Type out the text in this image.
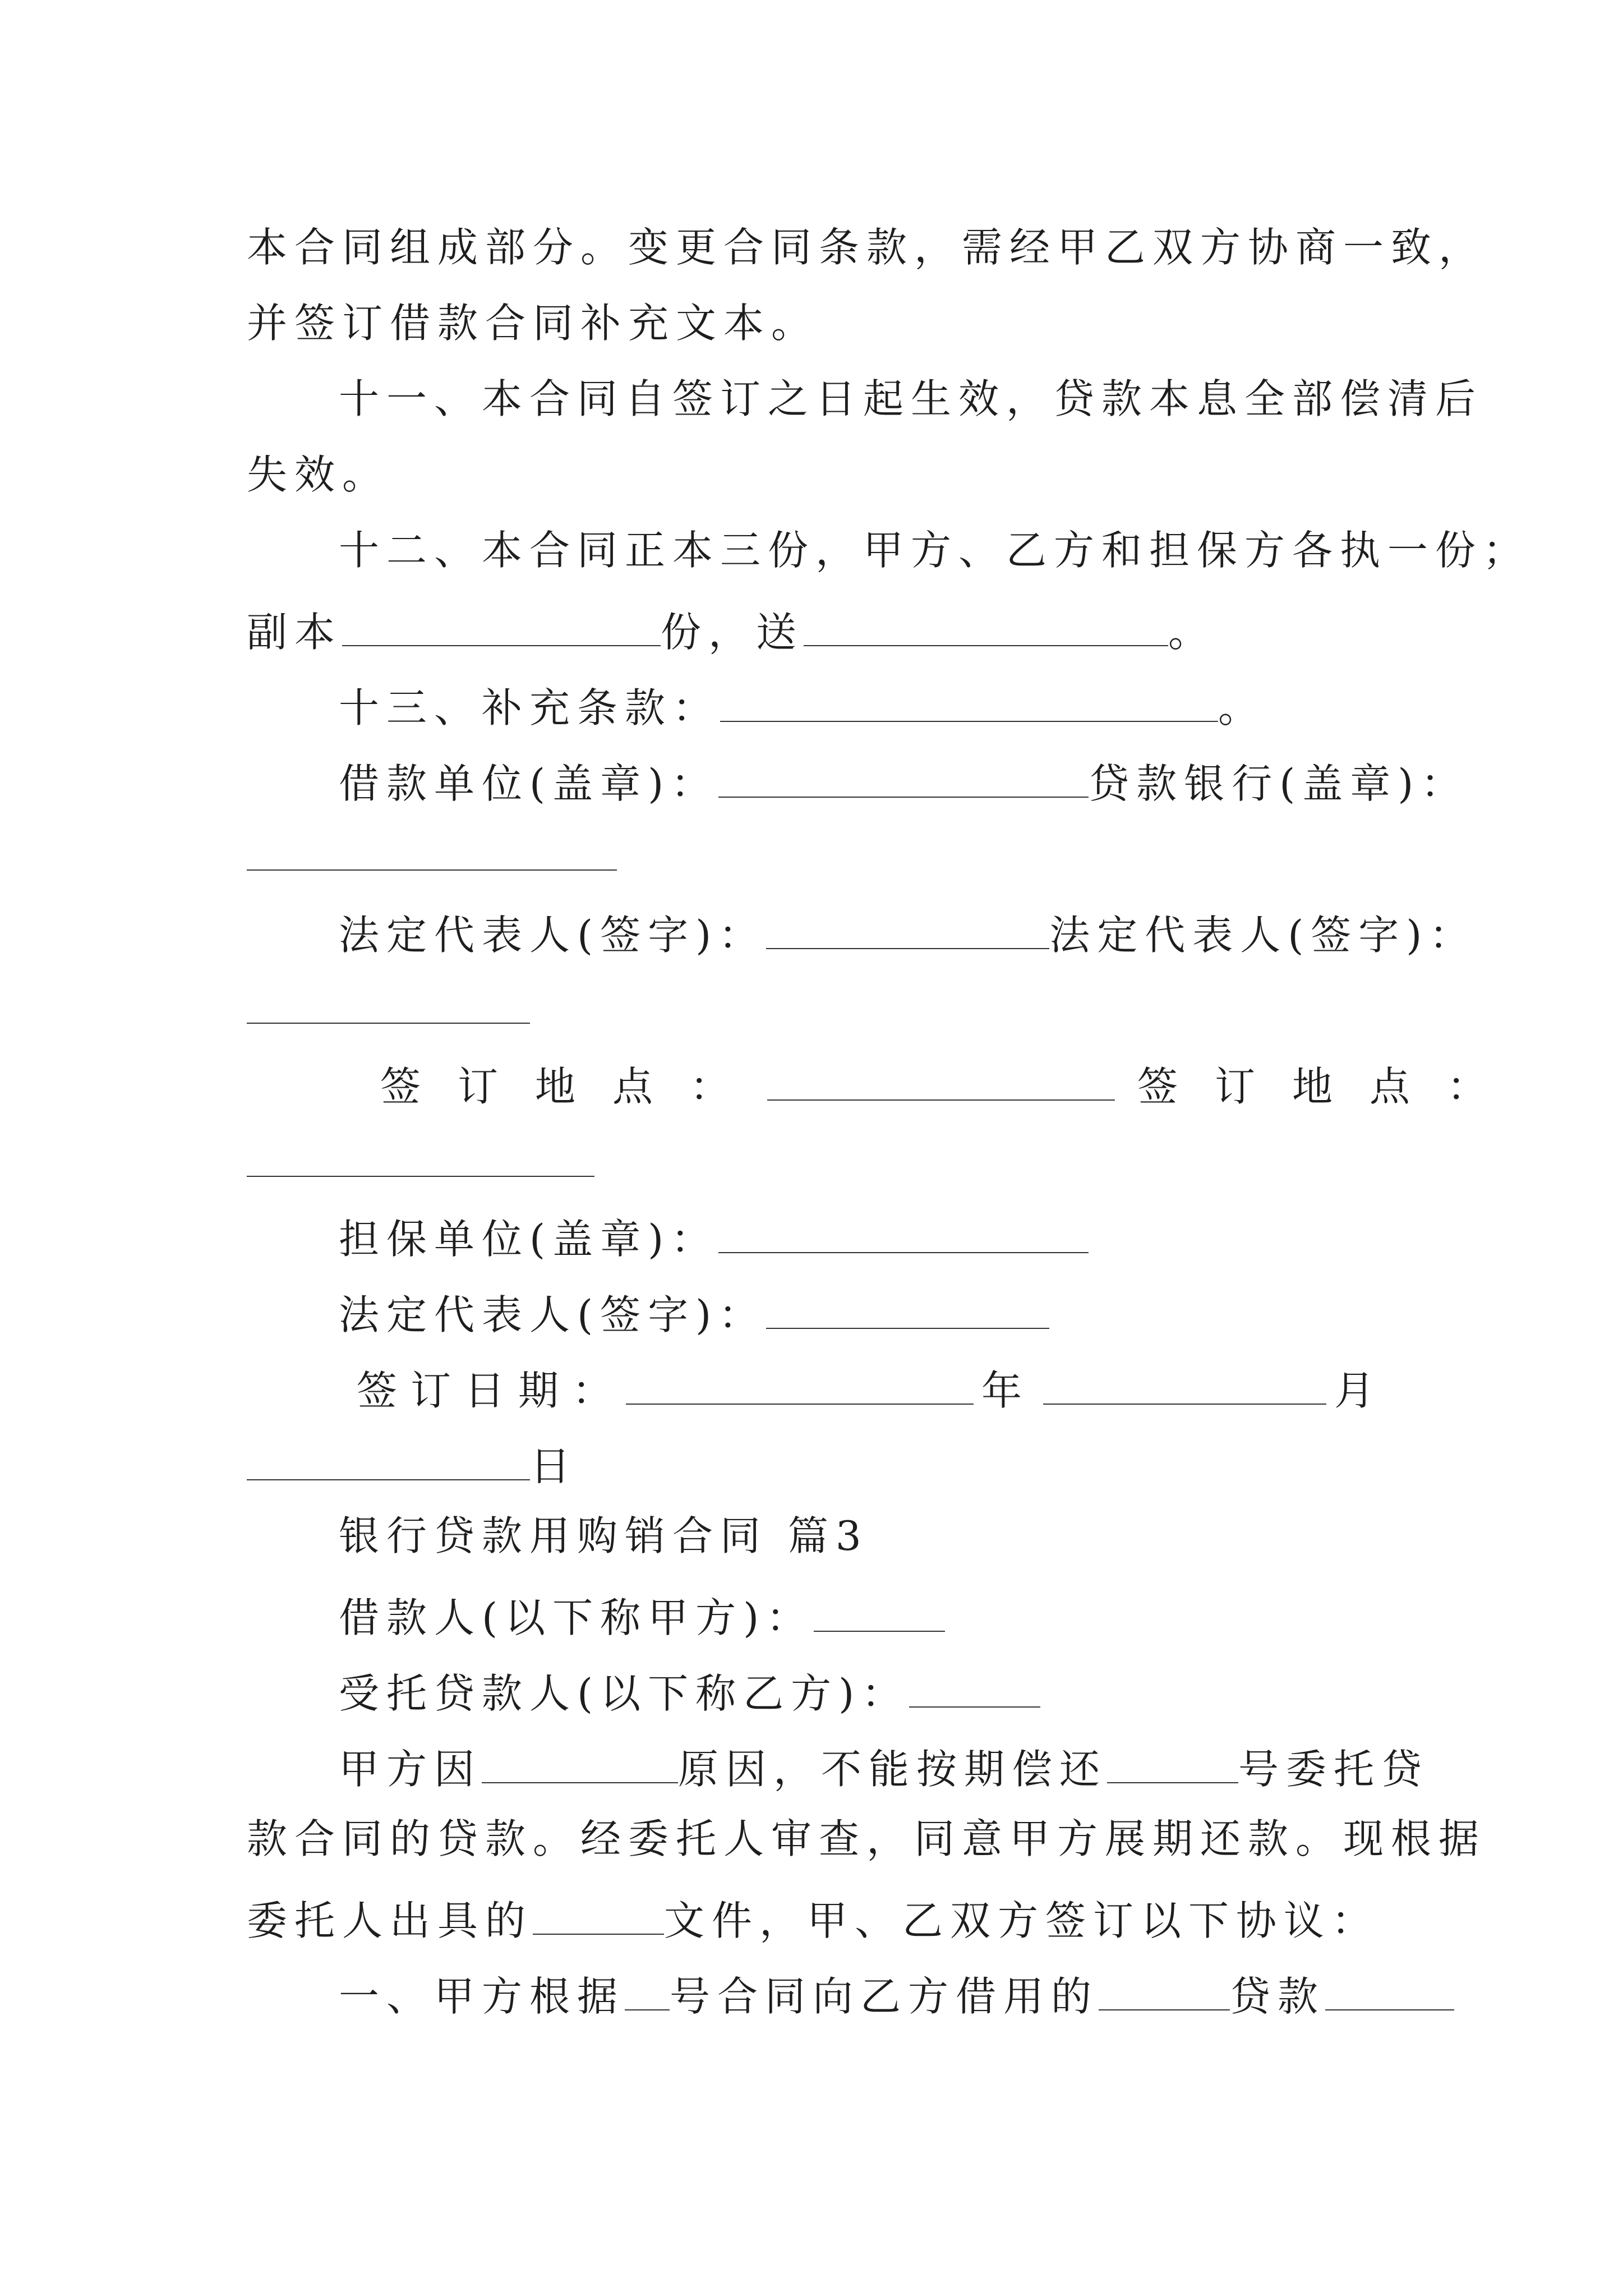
本合同组成部分。变更合同条款，需经甲乙双方协商一致，

并签订借款合同补充文本。

十一、本合同自签订之日起生效，贷款本息全部偿清后

失效。

十二、本合同正本三份，甲方、乙方和担保方各执一份；

副本	份，送	。

十三、补充条款：	。

借款单位(盖章)：	贷款银行(盖章)：

法定代表人(签字)：	法定代表人(签字)：

签订地点：	签订地点：

担保单位(盖章)：

法定代表人(签字)：

签订日期：	年	月

日

银行贷款用购销合同 篇3

借款人(以下称甲方)：

受托贷款人(以下称乙方)：

甲方因	原因，不能按期偿还	号委托贷

款合同的贷款。经委托人审查，同意甲方展期还款。现根据

委托人出具的	文件，甲、乙双方签订以下协议：

一、甲方根据 号合同向乙方借用的	贷款
